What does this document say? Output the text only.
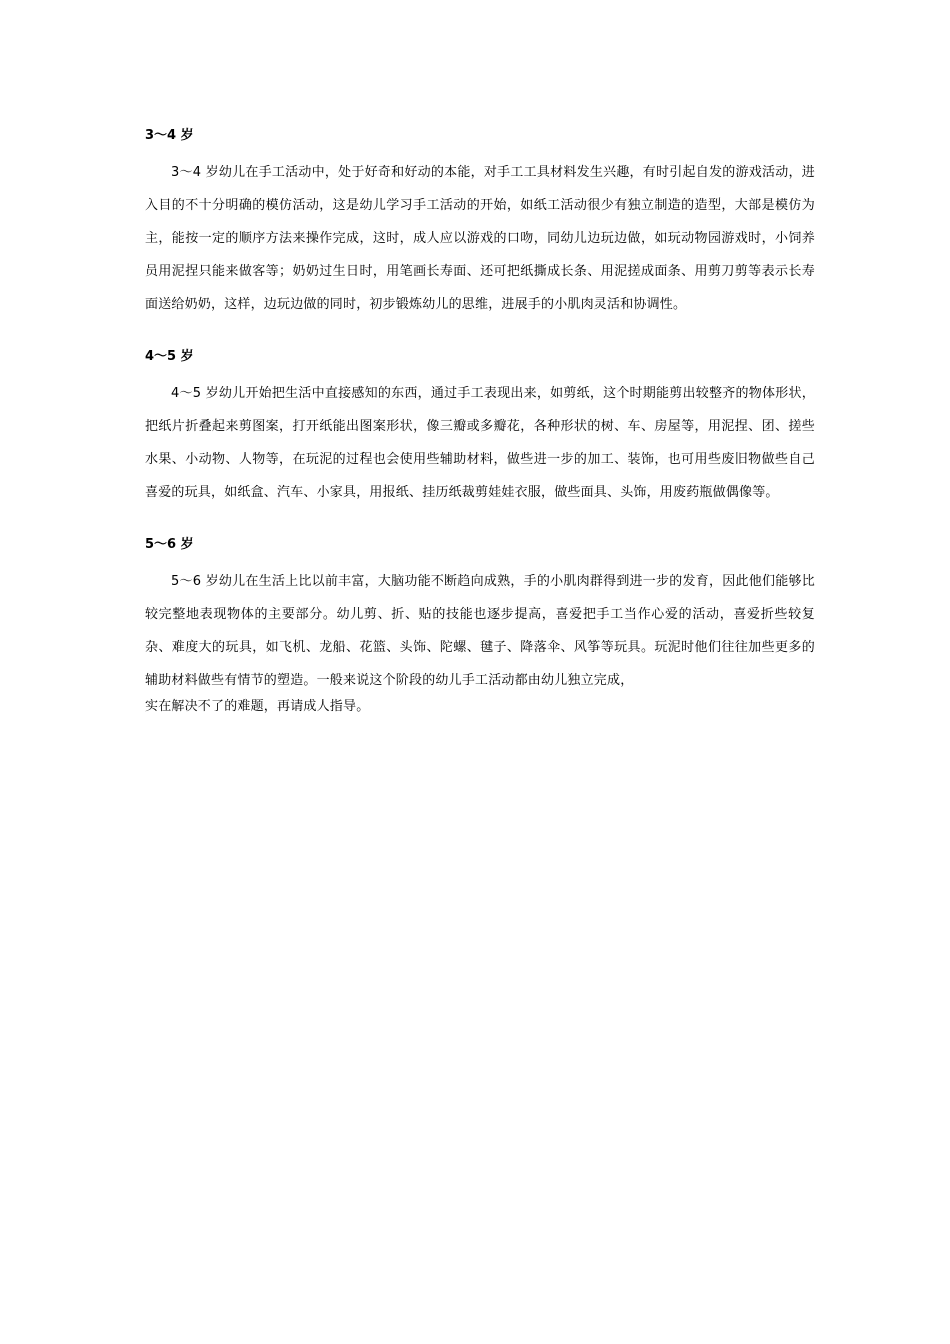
3～4 岁

3～4 岁幼儿在手工活动中，处于好奇和好动的本能，对手工工具材料发生兴趣，有时引起自发的游戏活动，进入目的不十分明确的模仿活动，这是幼儿学习手工活动的开始，如纸工活动很少有独立制造的造型，大部是模仿为主，能按一定的顺序方法来操作完成，这时，成人应以游戏的口吻，同幼儿边玩边做，如玩动物园游戏时，小饲养员用泥捏只能来做客等；奶奶过生日时，用笔画长寿面、还可把纸撕成长条、用泥搓成面条、用剪刀剪等表示长寿面送给奶奶，这样，边玩边做的同时，初步锻炼幼儿的思维，进展手的小肌肉灵活和协调性。

4～5 岁

4～5 岁幼儿开始把生活中直接感知的东西，通过手工表现出来，如剪纸，这个时期能剪出较整齐的物体形状，把纸片折叠起来剪图案，打开纸能出图案形状，像三瓣或多瓣花，各种形状的树、车、房屋等，用泥捏、团、搓些水果、小动物、人物等，在玩泥的过程也会使用些辅助材料，做些进一步的加工、装饰，也可用些废旧物做些自己喜爱的玩具，如纸盒、汽车、小家具，用报纸、挂历纸裁剪娃娃衣服，做些面具、头饰，用废药瓶做偶像等。

5～6 岁

5～6 岁幼儿在生活上比以前丰富，大脑功能不断趋向成熟，手的小肌肉群得到进一步的发育，因此他们能够比较完整地表现物体的主要部分。幼儿剪、折、贴的技能也逐步提高，喜爱把手工当作心爱的活动，喜爱折些较复杂、难度大的玩具，如飞机、龙船、花篮、头饰、陀螺、毽子、降落伞、风筝等玩具。玩泥时他们往往加些更多的辅助材料做些有情节的塑造。一般来说这个阶段的幼儿手工活动都由幼儿独立完成，

实在解决不了的难题，再请成人指导。
